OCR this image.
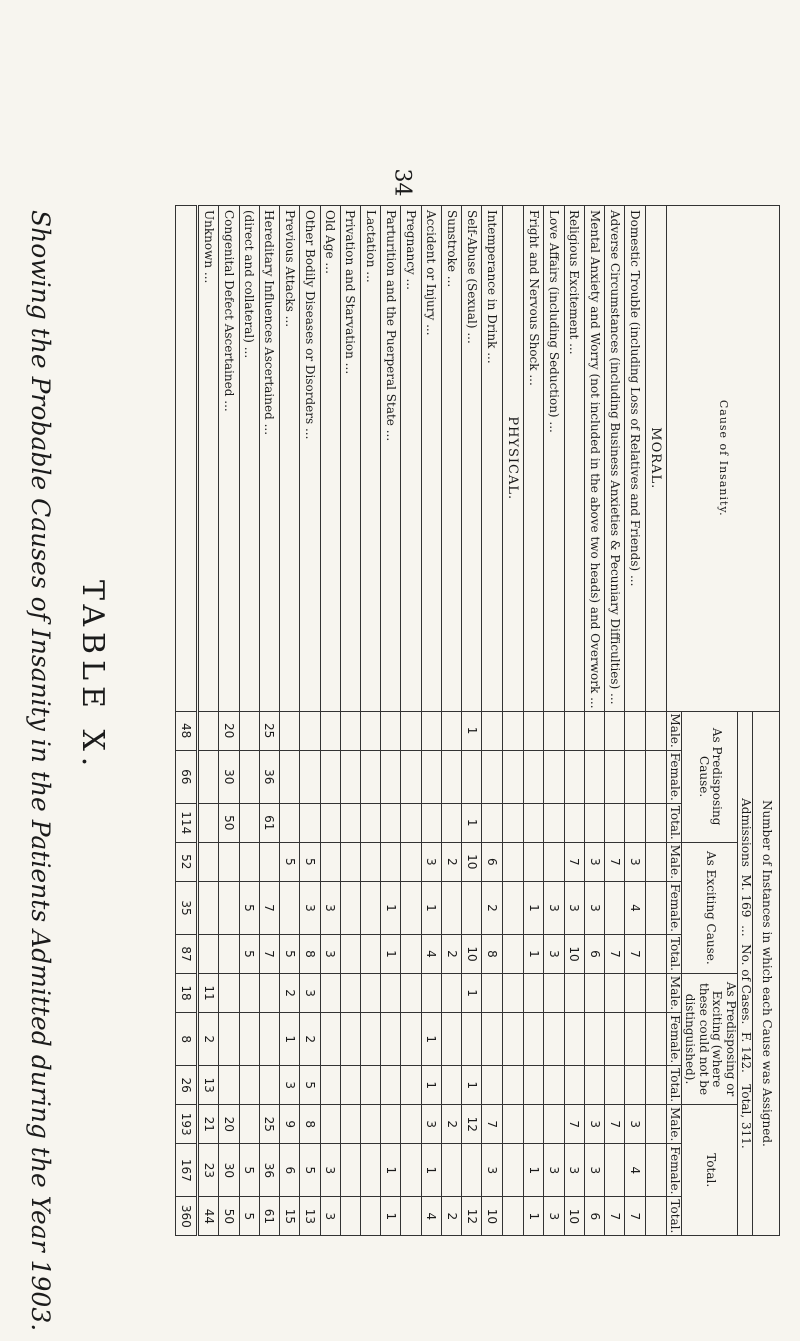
34
Cause of Insanity.	Number of Instances in which each Cause was Assigned.											
	Admissions  M. 169  ...  No. of Cases.  F. 142.   Total, 311.											
	As Predisposing Cause.			As Exciting Cause.			As Predisposing or Exciting (where these could not be distinguished).			Total.		
	Male.	Female.	Total.	Male.	Female.	Total.	Male.	Female.	Total.	Male.	Female.	Total.
MORAL.												
Domestic Trouble (including Loss of Relatives and Friends) ...				3	4	7				3	4	7
Adverse Circumstances (including Business Anxieties & Pecuniary Difficulties) ...				7		7				7		7
Mental Anxiety and Worry (not included in the above two heads) and Overwork ...				3	3	6				3	3	6
Religious Excitement ...				7	3	10				7	3	10
Love Affairs (including Seduction) ...					3	3					3	3
Fright and Nervous Shock ...					1	1					1	1
PHYSICAL.												
Intemperance in Drink ...				6	2	8				7	3	10
Self-Abuse (Sexual) ...	1		1	10		10	1		1	12		12
Sunstroke ...				2		2				2		2
Accident or Injury ...				3	1	4		1	1	3	1	4
Pregnancy ...												
Parturition and the Puerperal State ...					1	1					1	1
Lactation ...												
Privation and Starvation ...												
Old Age ...					3	3					3	3
Other Bodily Diseases or Disorders ...				5	3	8	3	2	5	8	5	13
Previous Attacks ...				5		5	2	1	3	9	6	15
Hereditary Influences Ascertained ...	25	36	61		7	7				25	36	61
(direct and collateral) ...					5	5					5	5
Congenital Defect Ascertained ...	20	30	50							20	30	50
Unknown ...							11	2	13	21	23	44
	48	66	114	52	35	87	18	8	26	193	167	360
TABLE X.
Showing the Probable Causes of Insanity in the Patients Admitted during the Year 1903.
